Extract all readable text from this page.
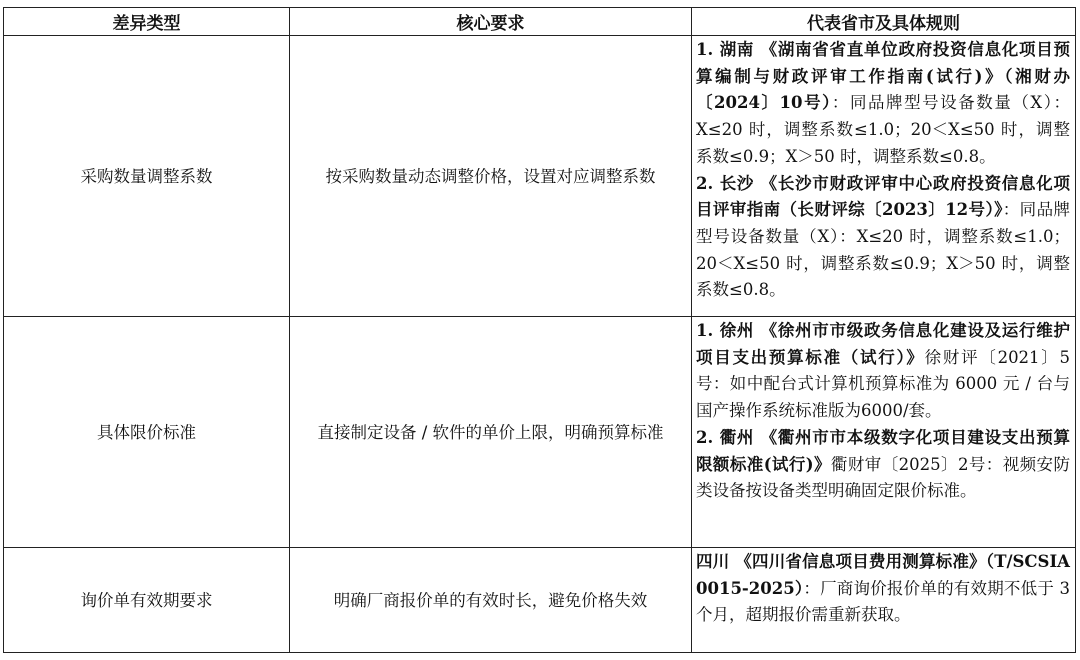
差异类型	核心要求	代表省市及具体规则
采购数量调整系数	按采购数量动态调整价格，设置对应调整系数	1. 湖南 《湖南省省直单位政府投资信息化项目预算编制与财政评审工作指南(试行)》（湘财办〔2024〕10号）：同品牌型号设备数量（X）：X≤20 时，调整系数≤1.0；20＜X≤50 时，调整系数≤0.9；X＞50 时，调整系数≤0.8。

2. 长沙 《长沙市财政评审中心政府投资信息化项目评审指南（长财评综〔2023〕12号）》：同品牌型号设备数量（X）：X≤20 时，调整系数≤1.0；20＜X≤50 时，调整系数≤0.9；X＞50 时，调整系数≤0.8。

具体限价标准	直接制定设备 / 软件的单价上限，明确预算标准	1. 徐州 《徐州市市级政务信息化建设及运行维护项目支出预算标准（试行）》徐财评〔2021〕5号：如中配台式计算机预算标准为 6000 元 / 台与国产操作系统标准版为6000/套。

2. 衢州 《衢州市市本级数字化项目建设支出预算限额标准(试行)》衢财审〔2025〕2号：视频安防类设备按设备类型明确固定限价标准。

询价单有效期要求	明确厂商报价单的有效时长，避免价格失效	四川 《四川省信息项目费用测算标准》（T/SCSIA 0015-2025）：厂商询价报价单的有效期不低于 3 个月，超期报价需重新获取。
